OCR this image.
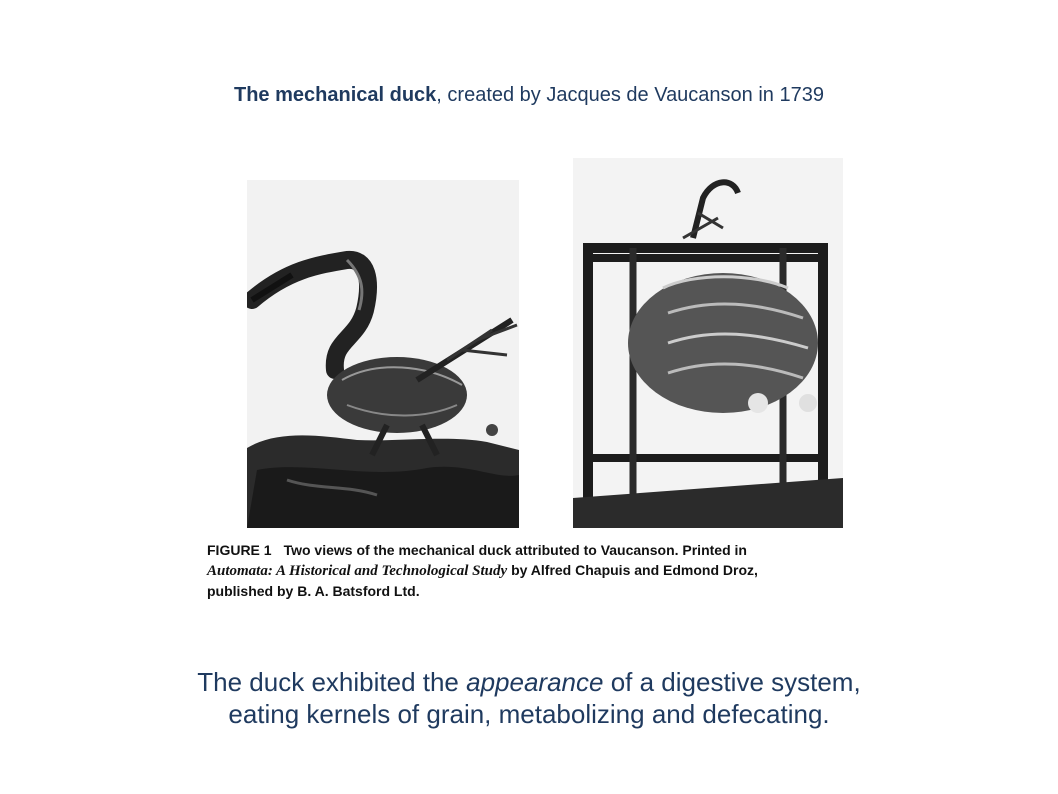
The mechanical duck, created by Jacques de Vaucanson in 1739
FIGURE 1 Two views of the mechanical duck attributed to Vaucanson. Printed in
Automata: A Historical and Technological Study by Alfred Chapuis and Edmond Droz,
published by B. A. Batsford Ltd.
The duck exhibited the appearance of a digestive system,
eating kernels of grain, metabolizing and defecating.
